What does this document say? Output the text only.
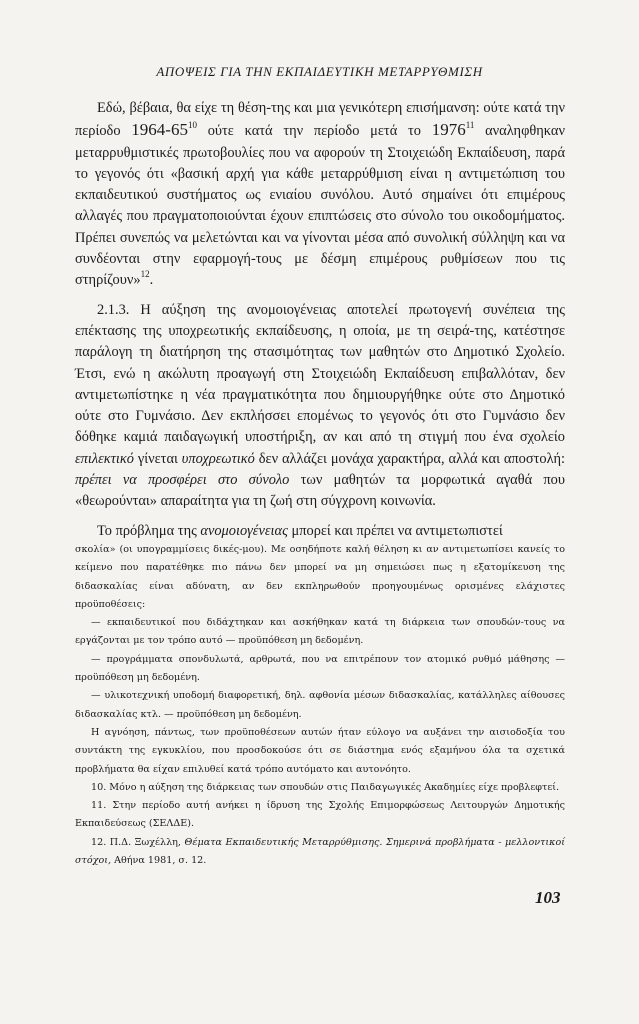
ΑΠΟΨΕΙΣ ΓΙΑ ΤΗΝ ΕΚΠΑΙΔΕΥΤΙΚΗ ΜΕΤΑΡΡΥΘΜΙΣΗ

Εδώ, βέβαια, θα είχε τη θέση-της και μια γενικότερη επισήμανση: ούτε κατά την περίοδο $1964-65^{10}$ ούτε κατά την περίοδο μετά το 1976$^{11}$ αναληφθηκαν μεταρρυθμιστικές πρωτοβουλίες που να αφορούν τη Στοιχειώδη Εκπαίδευση, παρά το γεγονός ότι «βασική αρχή για κάθε μεταρρύθμιση είναι η αντιμετώπιση του εκπαιδευτικού συστήματος ως ενιαίου συνόλου. Αυτό σημαίνει ότι επιμέρους αλλαγές που πραγματοποιούνται έχουν επιπτώσεις στο σύνολο του οικοδομήματος. Πρέπει συνεπώς να μελετώνται και να γίνονται μέσα από συνολική σύλληψη και να συνδέονται στην εφαρμογή-τους με δέσμη επιμέρους ρυθμίσεων που τις στηρίζουν»$^{12}$.

2.1.3. Η αύξηση της ανομοιογένειας αποτελεί πρωτογενή συνέπεια της επέκτασης της υποχρεωτικής εκπαίδευσης, η οποία, με τη σειρά-της, κατέστησε παράλογη τη διατήρηση της στασιμότητας των μαθητών στο Δημοτικό Σχολείο. Έτσι, ενώ η ακώλυτη προαγωγή στη Στοιχειώδη Εκπαίδευση επιβαλλόταν, δεν αντιμετωπίστηκε η νέα πραγματικότητα που δημιουργήθηκε ούτε στο Δημοτικό ούτε στο Γυμνάσιο. Δεν εκπλήσσει επομένως το γεγονός ότι στο Γυμνάσιο δεν δόθηκε καμιά παιδαγωγική υποστήριξη, αν και από τη στιγμή που ένα σχολείο επιλεκτικό γίνεται υποχρεωτικό δεν αλλάζει μονάχα χαρακτήρα, αλλά και αποστολή: πρέπει να προσφέρει στο σύνολο των μαθητών τα μορφωτικά αγαθά που «θεωρούνται» απαραίτητα για τη ζωή στη σύγχρονη κοινωνία.

Το πρόβλημα της ανομοιογένειας μπορεί και πρέπει να αντιμετωπιστεί

σκολία» (οι υπογραμμίσεις δικές-μου). Με οσηδήποτε καλή θέληση κι αν αντιμετωπίσει κανείς το κείμενο που παρατέθηκε πιο πάνω δεν μπορεί να μη σημειώσει πως η εξατομίκευση της διδασκαλίας είναι αδύνατη, αν δεν εκπληρωθούν προηγουμένως ορισμένες ελάχιστες προϋποθέσεις:

— εκπαιδευτικοί που διδάχτηκαν και ασκήθηκαν κατά τη διάρκεια των σπουδών-τους να εργάζονται με τον τρόπο αυτό — προϋπόθεση μη δεδομένη.

— προγράμματα σπονδυλωτά, αρθρωτά, που να επιτρέπουν τον ατομικό ρυθμό μάθησης — προϋπόθεση μη δεδομένη.

— υλικοτεχνική υποδομή διαφορετική, δηλ. αφθονία μέσων διδασκαλίας, κατάλληλες αίθουσες διδασκαλίας κτλ. — προϋπόθεση μη δεδομένη.

Η αγνόηση, πάντως, των προϋποθέσεων αυτών ήταν εύλογο να αυξάνει την αισιοδοξία του συντάκτη της εγκυκλίου, που προσδοκούσε ότι σε διάστημα ενός εξαμήνου όλα τα σχετικά προβλήματα θα είχαν επιλυθεί κατά τρόπο αυτόματο και αυτονόητο.

10. Μόνο η αύξηση της διάρκειας των σπουδών στις Παιδαγωγικές Ακαδημίες είχε προβλεφτεί.

11. Στην περίοδο αυτή ανήκει η ίδρυση της Σχολής Επιμορφώσεως Λειτουργών Δημοτικής Εκπαιδεύσεως (ΣΕΛΔΕ).

12. Π.Δ. Ξωχέλλη, Θέματα Εκπαιδευτικής Μεταρρύθμισης. Σημερινά προβλήματα - μελλοντικοί στόχοι, Αθήνα 1981, σ. 12.

103
